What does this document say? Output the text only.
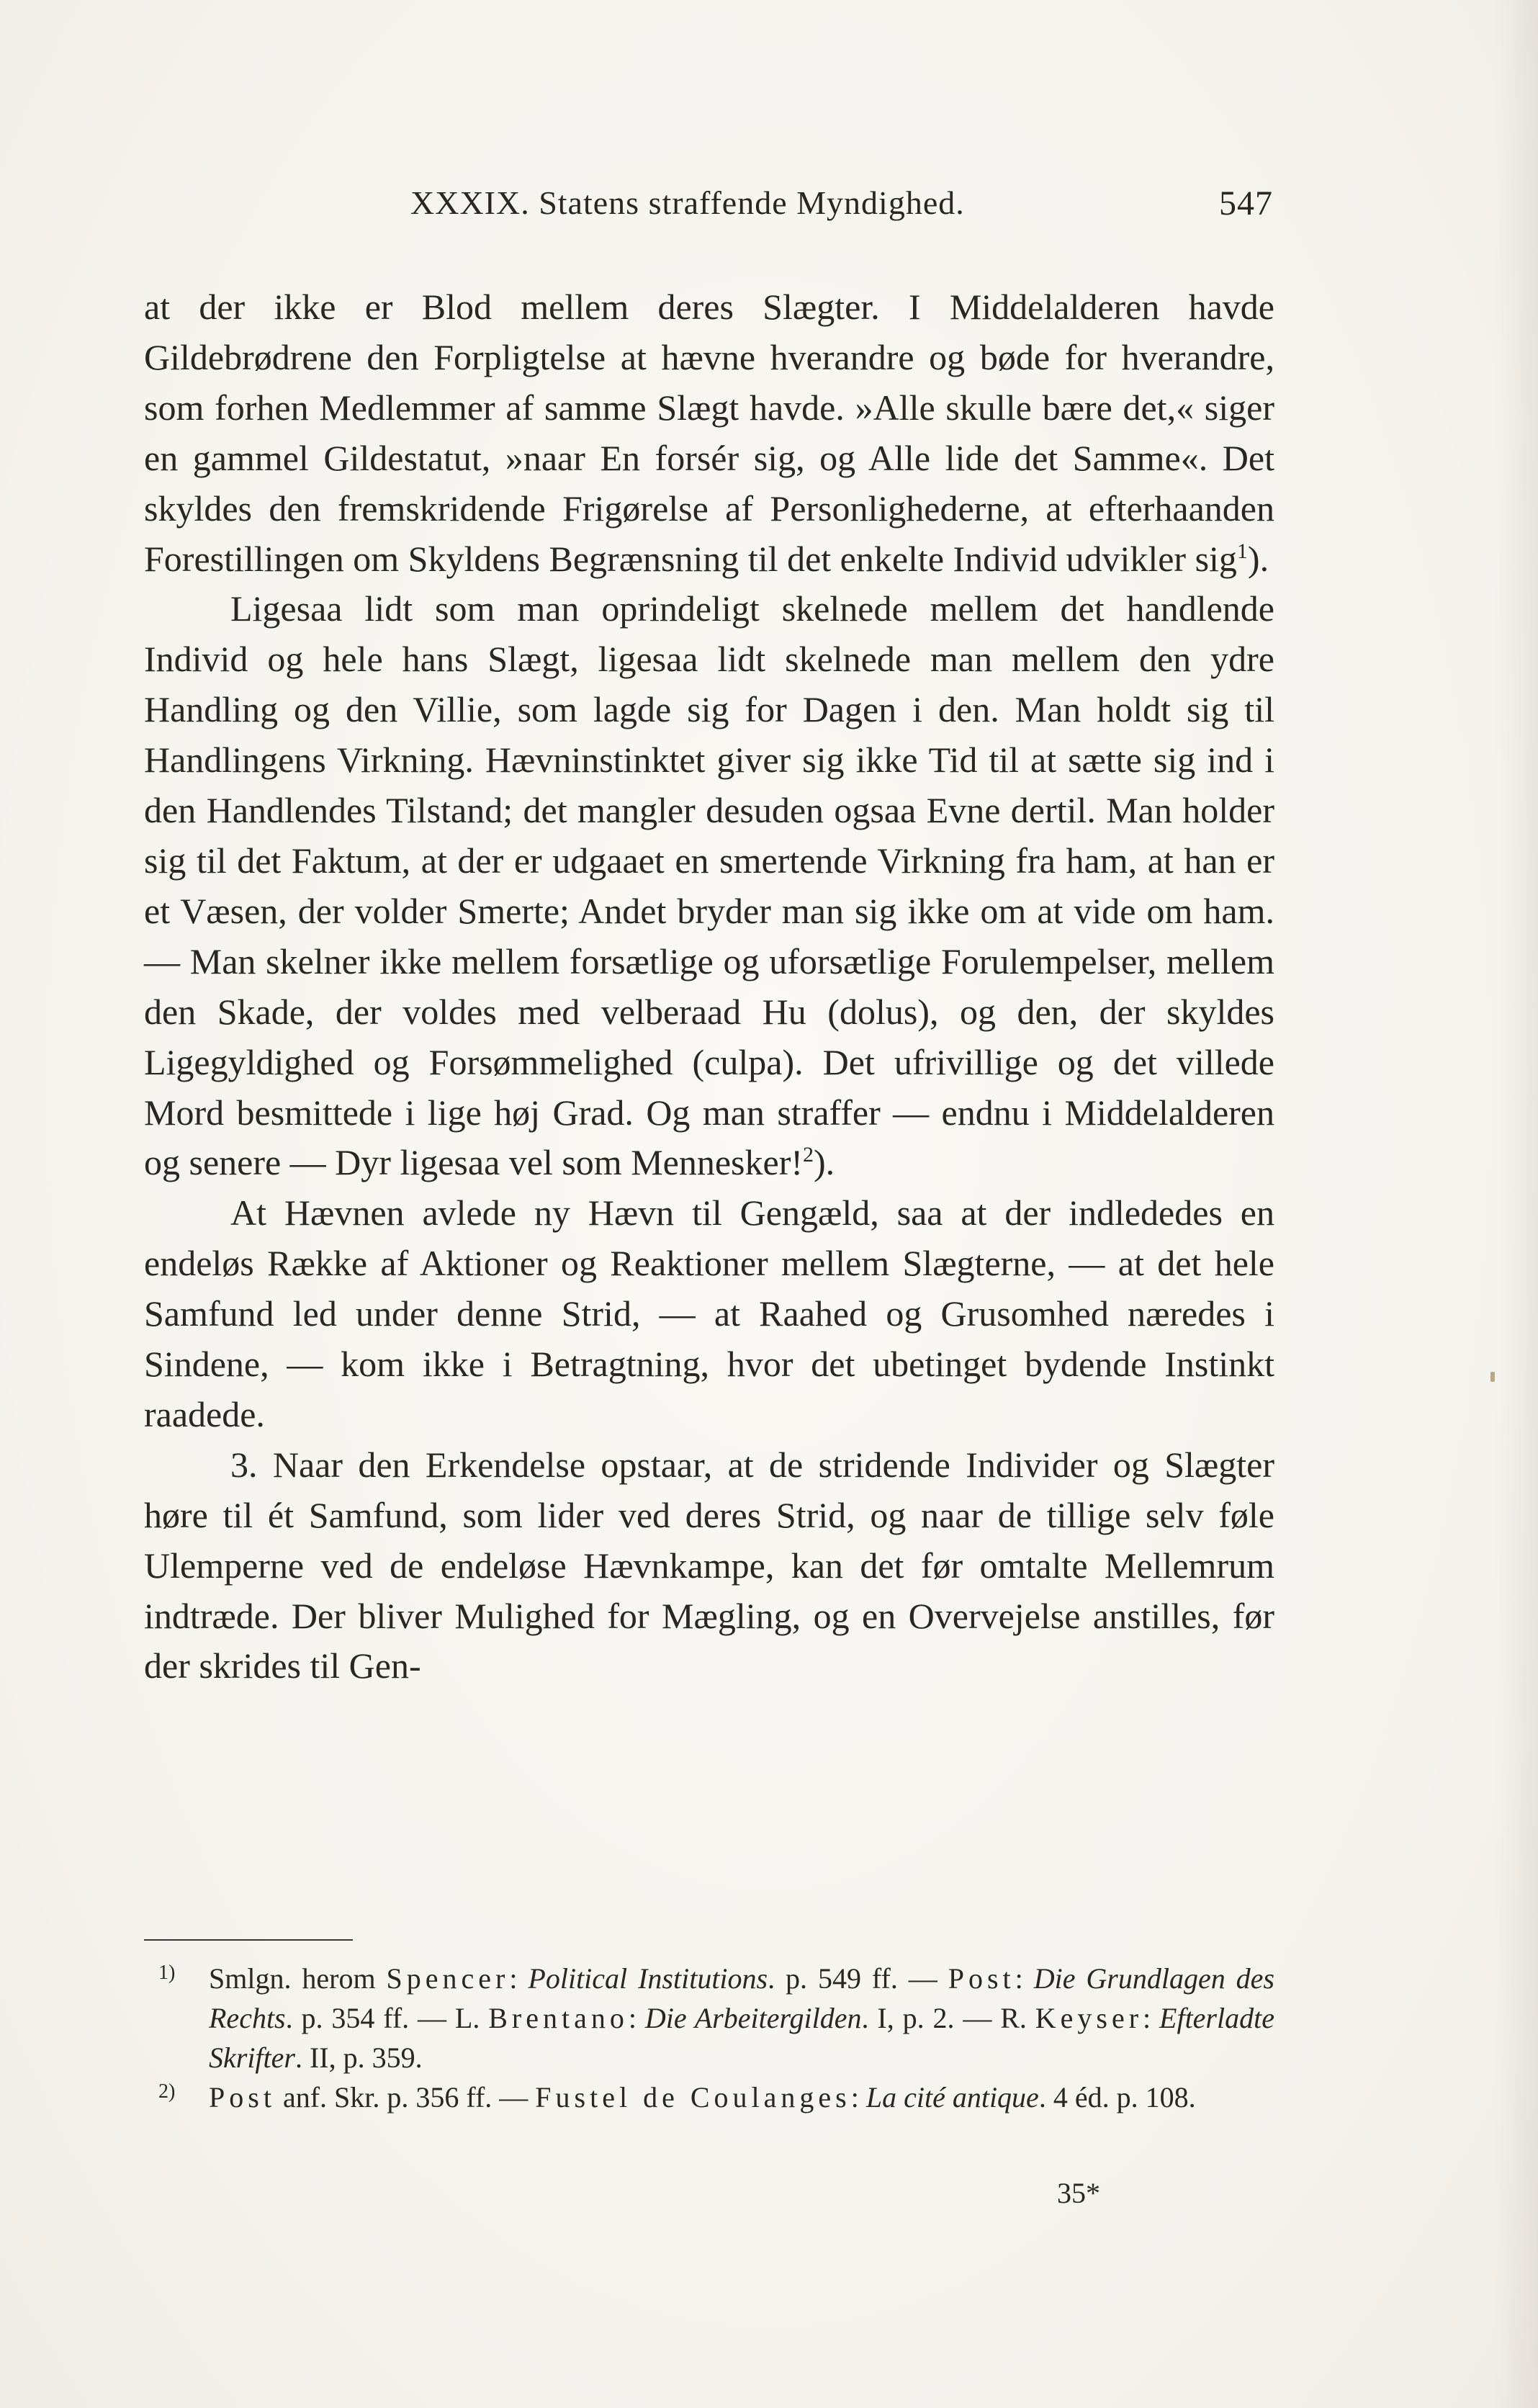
XXXIX. Statens straffende Myndighed.	547

at der ikke er Blod mellem deres Slægter. I Middelalderen havde Gildebrødrene den Forpligtelse at hævne hverandre og bøde for hverandre, som forhen Medlemmer af samme Slægt havde. »Alle skulle bære det,« siger en gammel Gildestatut, »naar En forsér sig, og Alle lide det Samme«. Det skyldes den fremskridende Frigørelse af Personlighederne, at efterhaanden Forestillingen om Skyldens Begrænsning til det enkelte Individ udvikler sig$^1$).

Ligesaa lidt som man oprindeligt skelnede mellem det handlende Individ og hele hans Slægt, ligesaa lidt skelnede man mellem den ydre Handling og den Villie, som lagde sig for Dagen i den. Man holdt sig til Handlingens Virkning. Hævninstinktet giver sig ikke Tid til at sætte sig ind i den Handlendes Tilstand; det mangler desuden ogsaa Evne dertil. Man holder sig til det Faktum, at der er udgaaet en smertende Virkning fra ham, at han er et Væsen, der volder Smerte; Andet bryder man sig ikke om at vide om ham. — Man skelner ikke mellem forsætlige og uforsætlige Forulempelser, mellem den Skade, der voldes med velberaad Hu (dolus), og den, der skyldes Ligegyldighed og Forsømmelighed (culpa). Det ufrivillige og det villede Mord besmittede i lige høj Grad. Og man straffer — endnu i Middelalderen og senere — Dyr ligesaa vel som Mennesker!$^2$).

At Hævnen avlede ny Hævn til Gengæld, saa at der indlededes en endeløs Række af Aktioner og Reaktioner mellem Slægterne, — at det hele Samfund led under denne Strid, — at Raahed og Grusomhed næredes i Sindene, — kom ikke i Betragtning, hvor det ubetinget bydende Instinkt raadede.

3. Naar den Erkendelse opstaar, at de stridende Individer og Slægter høre til ét Samfund, som lider ved deres Strid, og naar de tillige selv føle Ulemperne ved de endeløse Hævnkampe, kan det før omtalte Mellemrum indtræde. Der bliver Mulighed for Mægling, og en Overvejelse anstilles, før der skrides til Gen-

1) Smlgn. herom Spencer: Political Institutions. p. 549 ff. — Post: Die Grundlagen des Rechts. p. 354 ff. — L. Brentano: Die Arbeitergilden. I, p. 2. — R. Keyser: Efterladte Skrifter. II, p. 359.

2) Post anf. Skr. p. 356 ff. — Fustel de Coulanges: La cité antique. 4 éd. p. 108.

35*
